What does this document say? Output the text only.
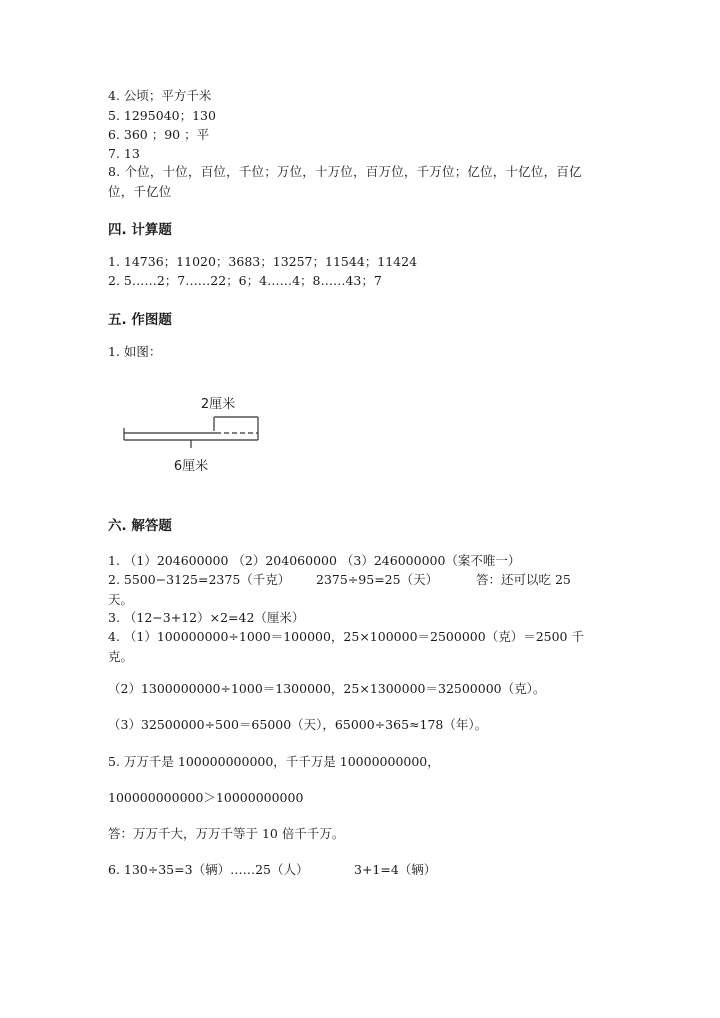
4. 公顷；平方千米
5. 1295040；130
6. 360 ；90 ；平
7. 13
8. 个位，十位，百位，千位；万位，十万位，百万位，千万位；亿位，十亿位，百亿位，千亿位
四. 计算题
1. 14736；11020；3683；13257；11544；11424
2. 5……2；7……22；6；4……4；8……43；7
五. 作图题
1. 如图：
2厘米
6厘米
六. 解答题
1. （1）204600000 （2）204060000 （3）246000000（案不唯一）
2. 5500−3125=2375（千克） 2375÷95=25（天）	答：还可以吃 25 天。
3. （12−3+12）×2=42（厘米）
4. （1）100000000÷1000＝100000，25×100000＝2500000（克）＝2500 千克。
（2）1300000000÷1000＝1300000，25×1300000＝32500000（克）。
（3）32500000÷500＝65000（天），65000÷365≈178（年）。
5. 万万千是 100000000000，千千万是 10000000000，
100000000000＞10000000000
答：万万千大，万万千等于 10 倍千千万。
6. 130÷35=3（辆）……25（人）	3+1=4（辆）
